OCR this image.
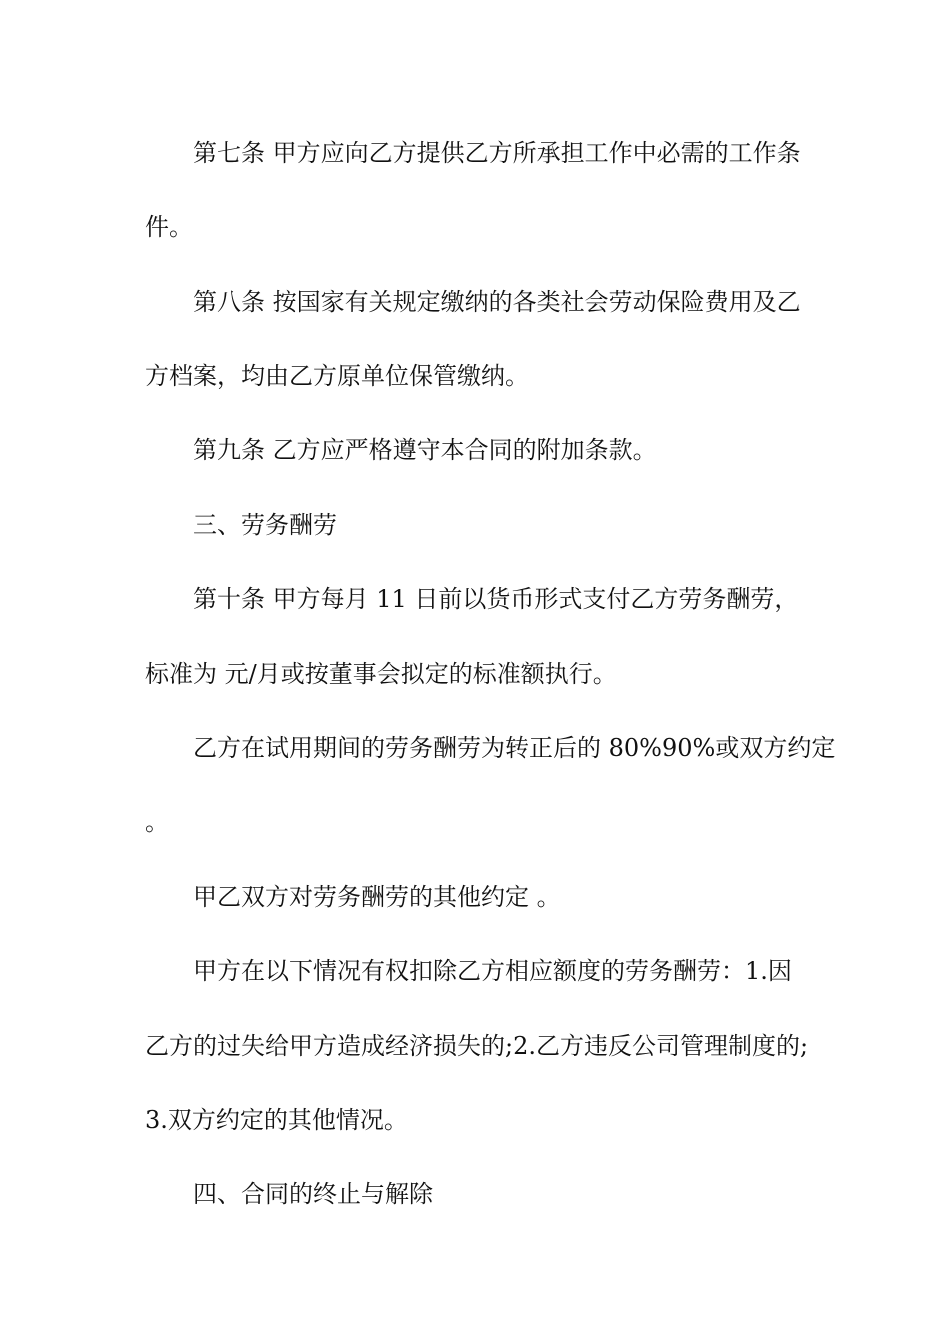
第七条 甲方应向乙方提供乙方所承担工作中必需的工作条
件。
第八条 按国家有关规定缴纳的各类社会劳动保险费用及乙
方档案，均由乙方原单位保管缴纳。
第九条 乙方应严格遵守本合同的附加条款。
三、劳务酬劳
第十条 甲方每月 11 日前以货币形式支付乙方劳务酬劳，
标准为 元/月或按董事会拟定的标准额执行。
乙方在试用期间的劳务酬劳为转正后的 80%90%或双方约定
。
甲乙双方对劳务酬劳的其他约定 。
甲方在以下情况有权扣除乙方相应额度的劳务酬劳：1.因
乙方的过失给甲方造成经济损失的;2.乙方违反公司管理制度的;
3.双方约定的其他情况。
四、合同的终止与解除
